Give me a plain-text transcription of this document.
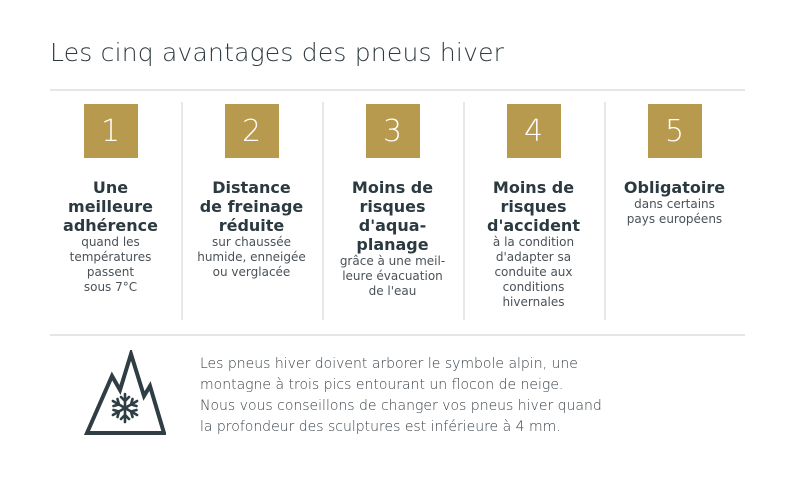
Les cinq avantages des pneus hiver
1
Une
meilleure
adhérence
quand les
températures
passent
sous 7°C
2
Distance
de freinage
réduite
sur chaussée
humide, enneigée
ou verglacée
3
Moins de
risques
d'aqua-
planage
grâce à une meil-
leure évacuation
de l'eau
4
Moins de
risques
d'accident
à la condition
d'adapter sa
conduite aux
conditions
hivernales
5
Obligatoire
dans certains
pays européens
Les pneus hiver doivent arborer le symbole alpin, une
montagne à trois pics entourant un flocon de neige.
Nous vous conseillons de changer vos pneus hiver quand
la profondeur des sculptures est inférieure à 4 mm.
